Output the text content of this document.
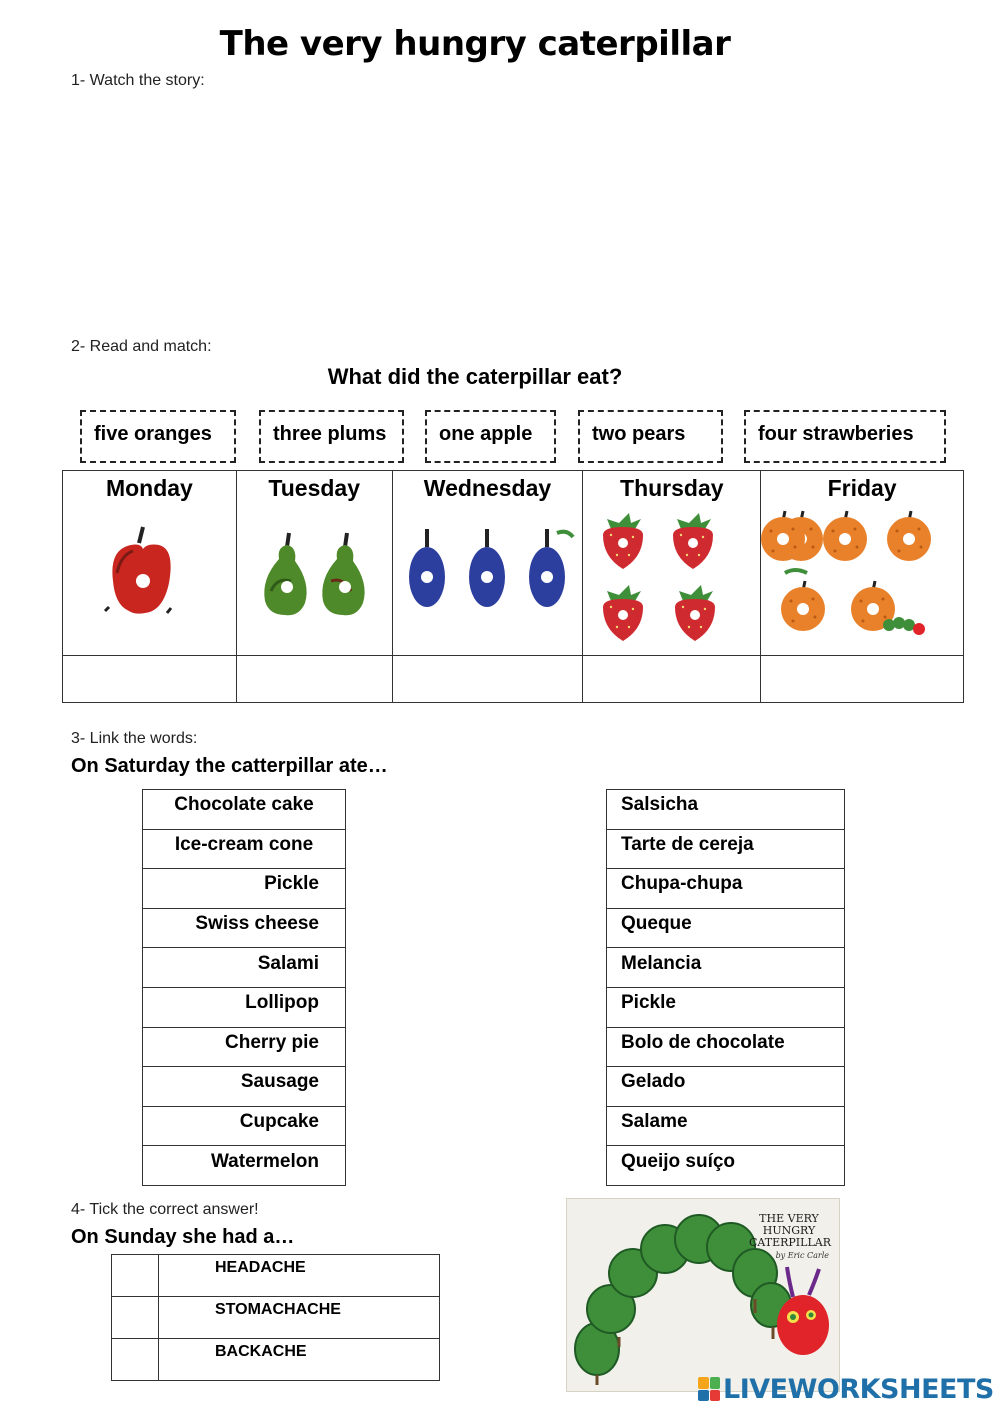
The very hungry caterpillar
1- Watch the story:
2- Read and match:
What did the caterpillar eat?
five oranges	three plums	one apple	two pears	four strawberies
Monday	Tuesday	Wednesday	Thursday	Friday

3- Link the words:
On Saturday the catterpillar ate…
Chocolate cake
Ice-cream cone
Pickle
Swiss cheese
Salami
Lollipop
Cherry pie
Sausage
Cupcake
Watermelon
Salsicha
Tarte de cereja
Chupa-chupa
Queque
Melancia
Pickle
Bolo de chocolate
Gelado
Salame
Queijo suíço
4- Tick the correct answer!
On Sunday she had a…
	HEADACHE
	STOMACHACHE
	BACKACHE
THE VERY HUNGRY CATERPILLAR
by Eric Carle
LIVEWORKSHEETS
